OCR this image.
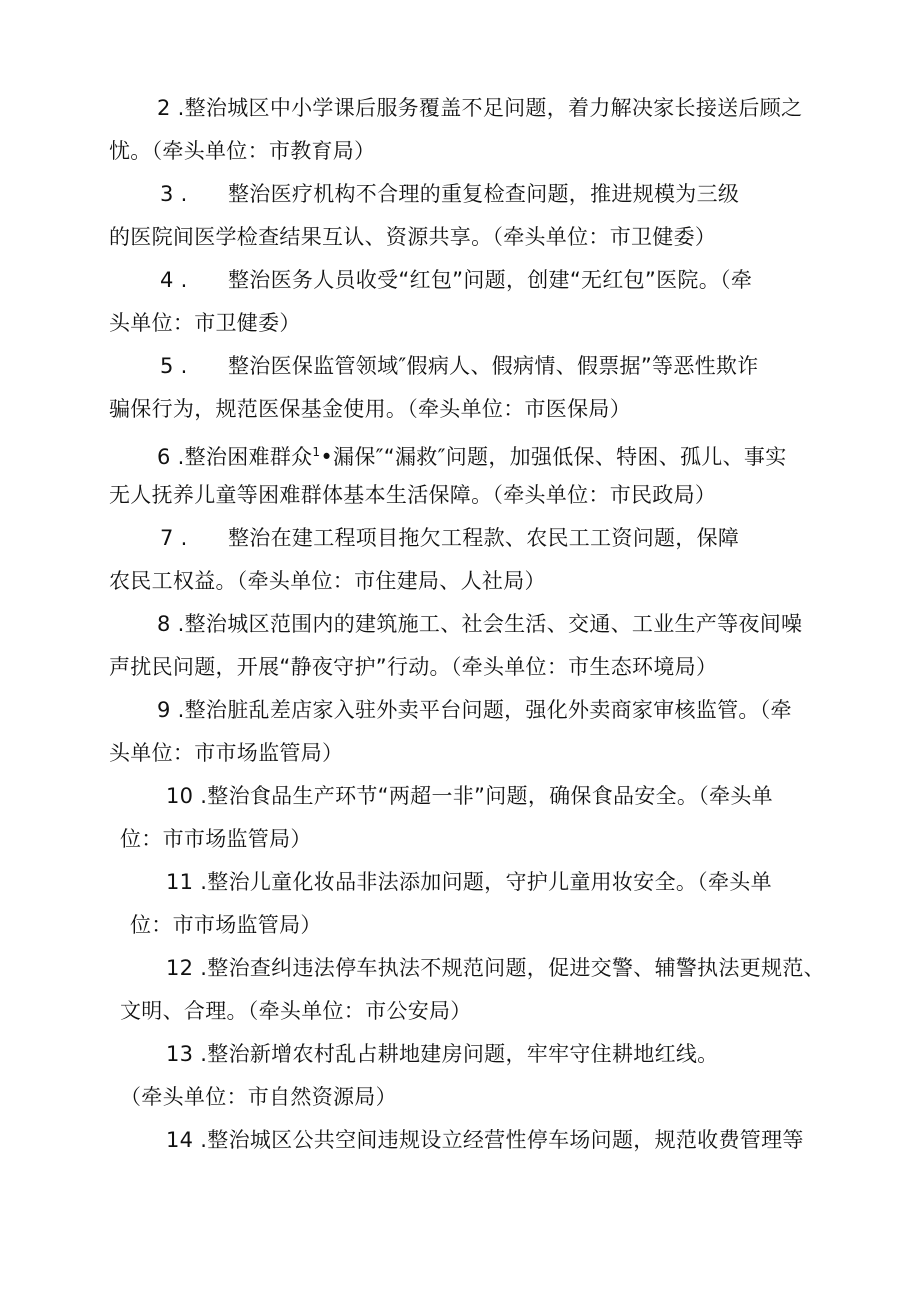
2 .整治城区中小学课后服务覆盖不足问题，着力解决家长接送后顾之
忧。（牵头单位：市教育局）
3 . 整治医疗机构不合理的重复检查问题，推进规模为三级
的医院间医学检查结果互认、资源共享。（牵头单位：市卫健委）
4 . 整治医务人员收受“红包”问题，创建“无红包”医院。（牵
头单位：市卫健委）
5 . 整治医保监管领域″假病人、假病情、假票据”等恶性欺诈
骗保行为，规范医保基金使用。（牵头单位：市医保局）
6 .整治困难群众$^1$•漏保″“漏救″问题，加强低保、特困、孤儿、事实
无人抚养儿童等困难群体基本生活保障。（牵头单位：市民政局）
7 . 整治在建工程项目拖欠工程款、农民工工资问题，保障
农民工权益。（牵头单位：市住建局、人社局）
8 .整治城区范围内的建筑施工、社会生活、交通、工业生产等夜间噪
声扰民问题，开展“静夜守护”行动。（牵头单位：市生态环境局）
9 .整治脏乱差店家入驻外卖平台问题，强化外卖商家审核监管。（牵
头单位：市市场监管局）
10 .整治食品生产环节“两超一非”问题，确保食品安全。（牵头单
位：市市场监管局）
11 .整治儿童化妆品非法添加问题，守护儿童用妆安全。（牵头单
位：市市场监管局）
12 .整治查纠违法停车执法不规范问题，促进交警、辅警执法更规范、
文明、合理。（牵头单位：市公安局）
13 .整治新增农村乱占耕地建房问题，牢牢守住耕地红线。
（牵头单位：市自然资源局）
14 .整治城区公共空间违规设立经营性停车场问题，规范收费管理等
